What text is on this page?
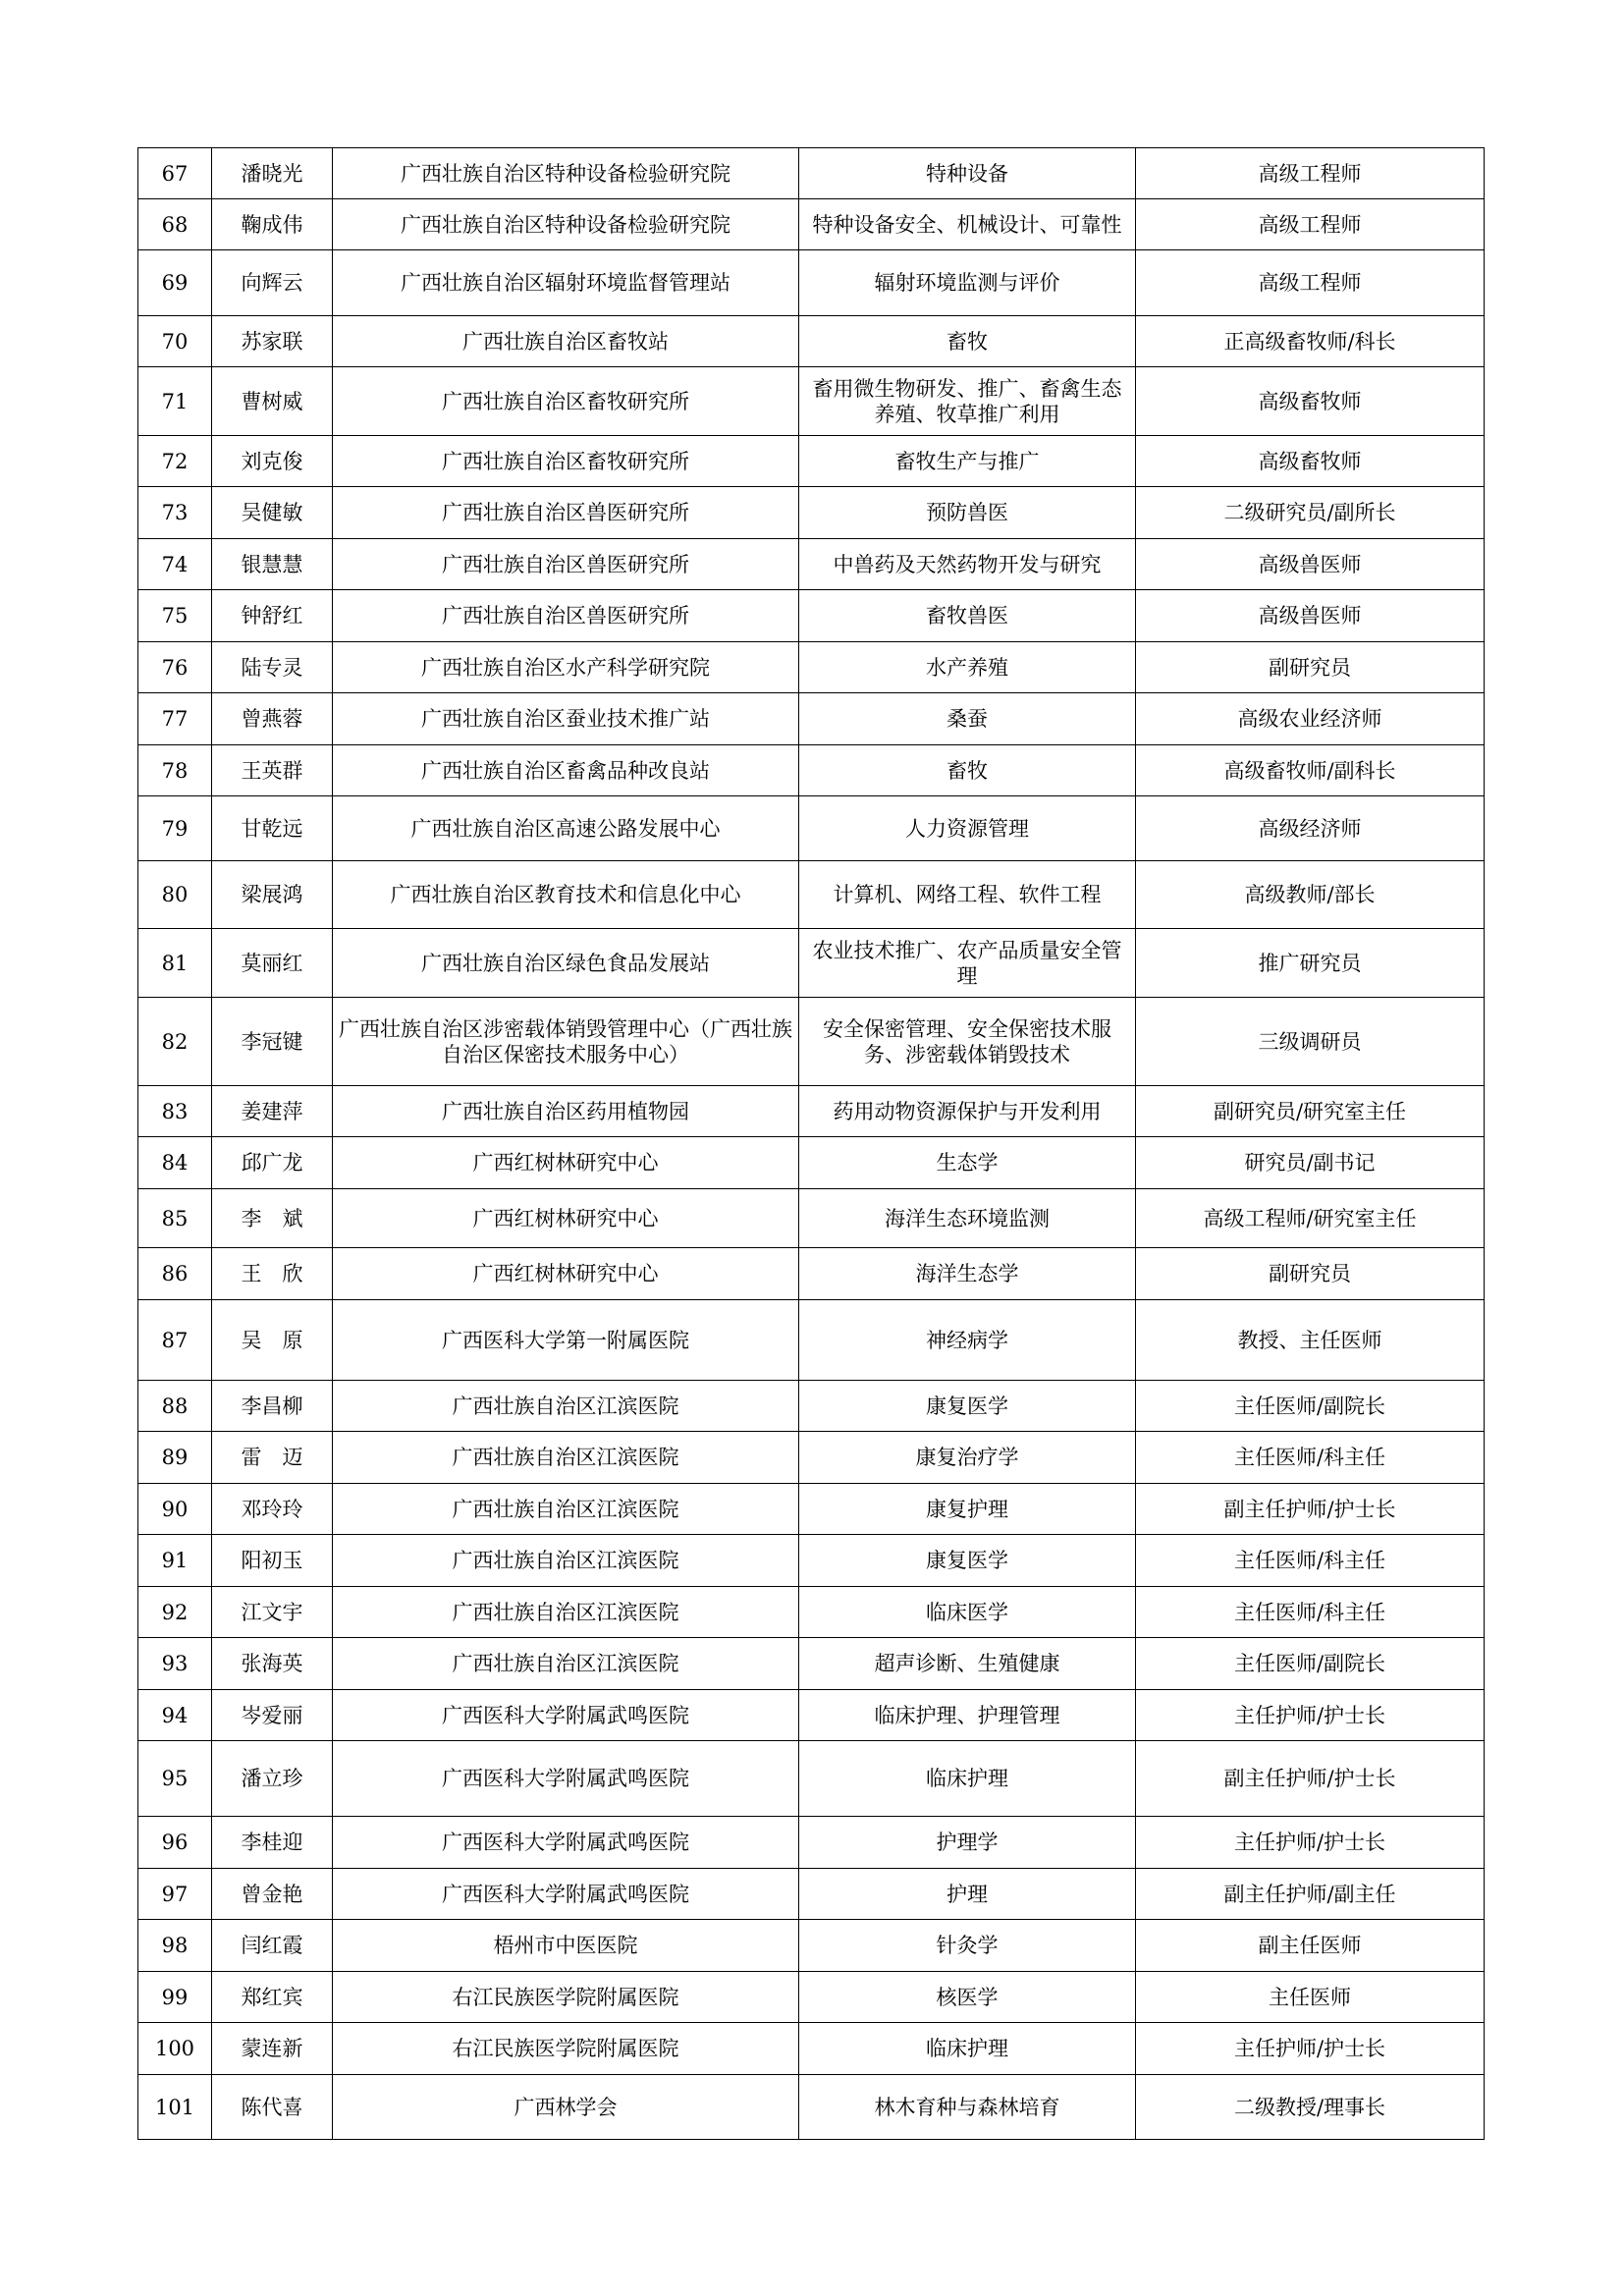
67	潘晓光	广西壮族自治区特种设备检验研究院	特种设备	高级工程师
68	鞠成伟	广西壮族自治区特种设备检验研究院	特种设备安全、机械设计、可靠性	高级工程师
69	向辉云	广西壮族自治区辐射环境监督管理站	辐射环境监测与评价	高级工程师
70	苏家联	广西壮族自治区畜牧站	畜牧	正高级畜牧师/科长
71	曹树威	广西壮族自治区畜牧研究所	畜用微生物研发、推广、畜禽生态养殖、牧草推广利用	高级畜牧师
72	刘克俊	广西壮族自治区畜牧研究所	畜牧生产与推广	高级畜牧师
73	吴健敏	广西壮族自治区兽医研究所	预防兽医	二级研究员/副所长
74	银慧慧	广西壮族自治区兽医研究所	中兽药及天然药物开发与研究	高级兽医师
75	钟舒红	广西壮族自治区兽医研究所	畜牧兽医	高级兽医师
76	陆专灵	广西壮族自治区水产科学研究院	水产养殖	副研究员
77	曾燕蓉	广西壮族自治区蚕业技术推广站	桑蚕	高级农业经济师
78	王英群	广西壮族自治区畜禽品种改良站	畜牧	高级畜牧师/副科长
79	甘乾远	广西壮族自治区高速公路发展中心	人力资源管理	高级经济师
80	梁展鸿	广西壮族自治区教育技术和信息化中心	计算机、网络工程、软件工程	高级教师/部长
81	莫丽红	广西壮族自治区绿色食品发展站	农业技术推广、农产品质量安全管理	推广研究员
82	李冠键	广西壮族自治区涉密载体销毁管理中心（广西壮族自治区保密技术服务中心）	安全保密管理、安全保密技术服务、涉密载体销毁技术	三级调研员
83	姜建萍	广西壮族自治区药用植物园	药用动物资源保护与开发利用	副研究员/研究室主任
84	邱广龙	广西红树林研究中心	生态学	研究员/副书记
85	李　斌	广西红树林研究中心	海洋生态环境监测	高级工程师/研究室主任
86	王　欣	广西红树林研究中心	海洋生态学	副研究员
87	吴　原	广西医科大学第一附属医院	神经病学	教授、主任医师
88	李昌柳	广西壮族自治区江滨医院	康复医学	主任医师/副院长
89	雷　迈	广西壮族自治区江滨医院	康复治疗学	主任医师/科主任
90	邓玲玲	广西壮族自治区江滨医院	康复护理	副主任护师/护士长
91	阳初玉	广西壮族自治区江滨医院	康复医学	主任医师/科主任
92	江文宇	广西壮族自治区江滨医院	临床医学	主任医师/科主任
93	张海英	广西壮族自治区江滨医院	超声诊断、生殖健康	主任医师/副院长
94	岑爱丽	广西医科大学附属武鸣医院	临床护理、护理管理	主任护师/护士长
95	潘立珍	广西医科大学附属武鸣医院	临床护理	副主任护师/护士长
96	李桂迎	广西医科大学附属武鸣医院	护理学	主任护师/护士长
97	曾金艳	广西医科大学附属武鸣医院	护理	副主任护师/副主任
98	闫红霞	梧州市中医医院	针灸学	副主任医师
99	郑红宾	右江民族医学院附属医院	核医学	主任医师
100	蒙连新	右江民族医学院附属医院	临床护理	主任护师/护士长
101	陈代喜	广西林学会	林木育种与森林培育	二级教授/理事长
